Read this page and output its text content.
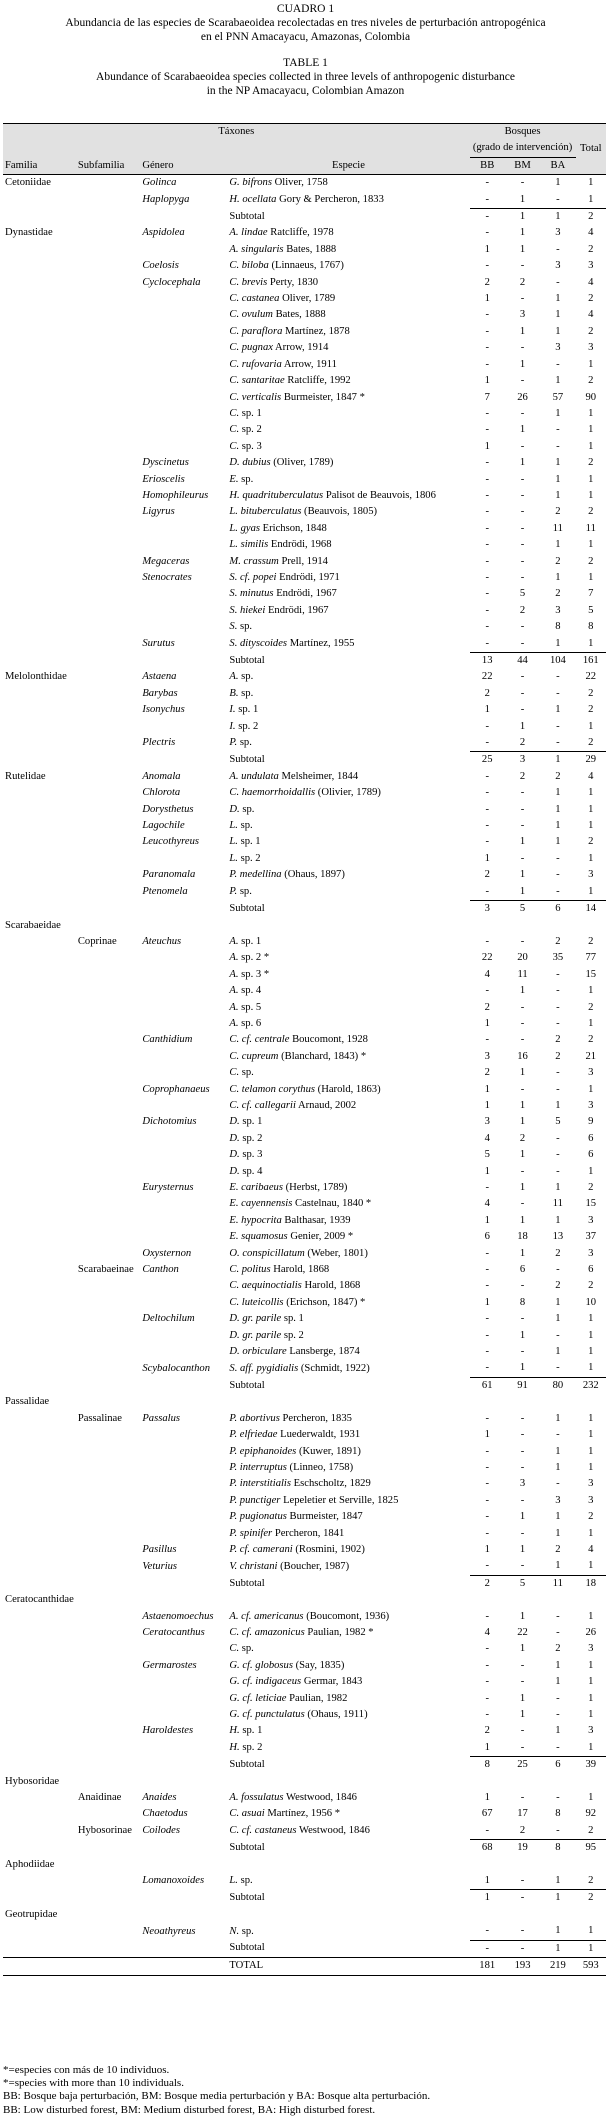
CUADRO 1
Abundancia de las especies de Scarabaeoidea recolectadas en tres niveles de perturbación antropogénica
en el PNN Amacayacu, Amazonas, Colombia
TABLE 1
Abundance of Scarabaeoidea species collected in three levels of anthropogenic disturbance
in the NP Amacayacu, Colombian Amazon
Táxones				Bosques			
				(grado de intervención)			Total
Familia	Subfamilia	Género	Especie	BB	BM	BA	
Cetoniidae		Golinca	G. bifrons Oliver, 1758	-	-	1	1
		Haplopyga	H. ocellata Gory & Percheron, 1833	-	1	-	1
			Subtotal	-	1	1	2
Dynastidae		Aspidolea	A. lindae Ratcliffe, 1978	-	1	3	4
			A. singularis Bates, 1888	1	1	-	2
		Coelosis	C. biloba (Linnaeus, 1767)	-	-	3	3
		Cyclocephala	C. brevis Perty, 1830	2	2	-	4
			C. castanea Oliver, 1789	1	-	1	2
			C. ovulum Bates, 1888	-	3	1	4
			C. paraflora Martínez, 1878	-	1	1	2
			C. pugnax Arrow, 1914	-	-	3	3
			C. rufovaria Arrow, 1911	-	1	-	1
			C. santaritae Ratcliffe, 1992	1	-	1	2
			C. verticalis Burmeister, 1847 *	7	26	57	90
			C. sp. 1	-	-	1	1
			C. sp. 2	-	1	-	1
			C. sp. 3	1	-	-	1
		Dyscinetus	D. dubius (Oliver, 1789)	-	1	1	2
		Erioscelis	E. sp.	-	-	1	1
		Homophileurus	H. quadrituberculatus Palisot de Beauvois, 1806	-	-	1	1
		Ligyrus	L. bituberculatus (Beauvois, 1805)	-	-	2	2
			L. gyas Erichson, 1848	-	-	11	11
			L. similis Endrödi, 1968	-	-	1	1
		Megaceras	M. crassum Prell, 1914	-	-	2	2
		Stenocrates	S. cf. popei Endrödi, 1971	-	-	1	1
			S. minutus Endrödi, 1967	-	5	2	7
			S. hiekei Endrödi, 1967	-	2	3	5
			S. sp.	-	-	8	8
		Surutus	S. dityscoides Martínez, 1955	-	-	1	1
			Subtotal	13	44	104	161
Melolonthidae		Astaena	A. sp.	22	-	-	22
		Barybas	B. sp.	2	-	-	2
		Isonychus	I. sp. 1	1	-	1	2
			I. sp. 2	-	1	-	1
		Plectris	P. sp.	-	2	-	2
			Subtotal	25	3	1	29
Rutelidae		Anomala	A. undulata Melsheimer, 1844	-	2	2	4
		Chlorota	C. haemorrhoidallis (Olivier, 1789)	-	-	1	1
		Dorysthetus	D. sp.	-	-	1	1
		Lagochile	L. sp.	-	-	1	1
		Leucothyreus	L. sp. 1	-	1	1	2
			L. sp. 2	1	-	-	1
		Paranomala	P. medellina (Ohaus, 1897)	2	1	-	3
		Ptenomela	P. sp.	-	1	-	1
			Subtotal	3	5	6	14
Scarabaeidae							
	Coprinae	Ateuchus	A. sp. 1	-	-	2	2
			A. sp. 2 *	22	20	35	77
			A. sp. 3 *	4	11	-	15
			A. sp. 4	-	1	-	1
			A. sp. 5	2	-	-	2
			A. sp. 6	1	-	-	1
		Canthidium	C. cf. centrale Boucomont, 1928	-	-	2	2
			C. cupreum (Blanchard, 1843) *	3	16	2	21
			C. sp.	2	1	-	3
		Coprophanaeus	C. telamon corythus (Harold, 1863)	1	-	-	1
			C. cf. callegarii Arnaud, 2002	1	1	1	3
		Dichotomius	D. sp. 1	3	1	5	9
			D. sp. 2	4	2	-	6
			D. sp. 3	5	1	-	6
			D. sp. 4	1	-	-	1
		Eurysternus	E. caribaeus (Herbst, 1789)	-	1	1	2
			E. cayennensis Castelnau, 1840 *	4	-	11	15
			E. hypocrita Balthasar, 1939	1	1	1	3
			E. squamosus Genier, 2009 *	6	18	13	37
		Oxysternon	O. conspicillatum (Weber, 1801)	-	1	2	3
	Scarabaeinae	Canthon	C. politus Harold, 1868	-	6	-	6
			C. aequinoctialis Harold, 1868	-	-	2	2
			C. luteicollis (Erichson, 1847) *	1	8	1	10
		Deltochilum	D. gr. parile sp. 1	-	-	1	1
			D. gr. parile sp. 2	-	1	-	1
			D. orbiculare Lansberge, 1874	-	-	1	1
		Scybalocanthon	S. aff. pygidialis (Schmidt, 1922)	-	1	-	1
			Subtotal	61	91	80	232
Passalidae							
	Passalinae	Passalus	P. abortivus Percheron, 1835	-	-	1	1
			P. elfriedae Luederwaldt, 1931	1	-	-	1
			P. epiphanoides (Kuwer, 1891)	-	-	1	1
			P. interruptus (Linneo, 1758)	-	-	1	1
			P. interstitialis Eschscholtz, 1829	-	3	-	3
			P. punctiger Lepeletier et Serville, 1825	-	-	3	3
			P. pugionatus Burmeister, 1847	-	1	1	2
			P. spinifer Percheron, 1841	-	-	1	1
		Pasillus	P. cf. camerani (Rosmini, 1902)	1	1	2	4
		Veturius	V. christani (Boucher, 1987)	-	-	1	1
			Subtotal	2	5	11	18
Ceratocanthidae							
		Astaenomoechus	A. cf. americanus (Boucomont, 1936)	-	1	-	1
		Ceratocanthus	C. cf. amazonicus Paulian, 1982 *	4	22	-	26
			C. sp.	-	1	2	3
		Germarostes	G. cf. globosus (Say, 1835)	-	-	1	1
			G. cf. indigaceus Germar, 1843	-	-	1	1
			G. cf. leticiae Paulian, 1982	-	1	-	1
			G. cf. punctulatus (Ohaus, 1911)	-	1	-	1
		Haroldestes	H. sp. 1	2	-	1	3
			H. sp. 2	1	-	-	1
			Subtotal	8	25	6	39
Hybosoridae							
	Anaidinae	Anaides	A. fossulatus Westwood, 1846	1	-	-	1
		Chaetodus	C. asuai Martínez, 1956 *	67	17	8	92
	Hybosorinae	Coilodes	C. cf. castaneus Westwood, 1846	-	2	-	2
			Subtotal	68	19	8	95
Aphodiidae							
		Lomanoxoides	L. sp.	1	-	1	2
			Subtotal	1	-	1	2
Geotrupidae							
		Neoathyreus	N. sp.	-	-	1	1
			Subtotal	-	-	1	1
			TOTAL	181	193	219	593
*=especies con más de 10 individuos.
*=species with more than 10 individuals.
BB: Bosque baja perturbación, BM: Bosque media perturbación y BA: Bosque alta perturbación.
BB: Low disturbed forest, BM: Medium disturbed forest, BA: High disturbed forest.
